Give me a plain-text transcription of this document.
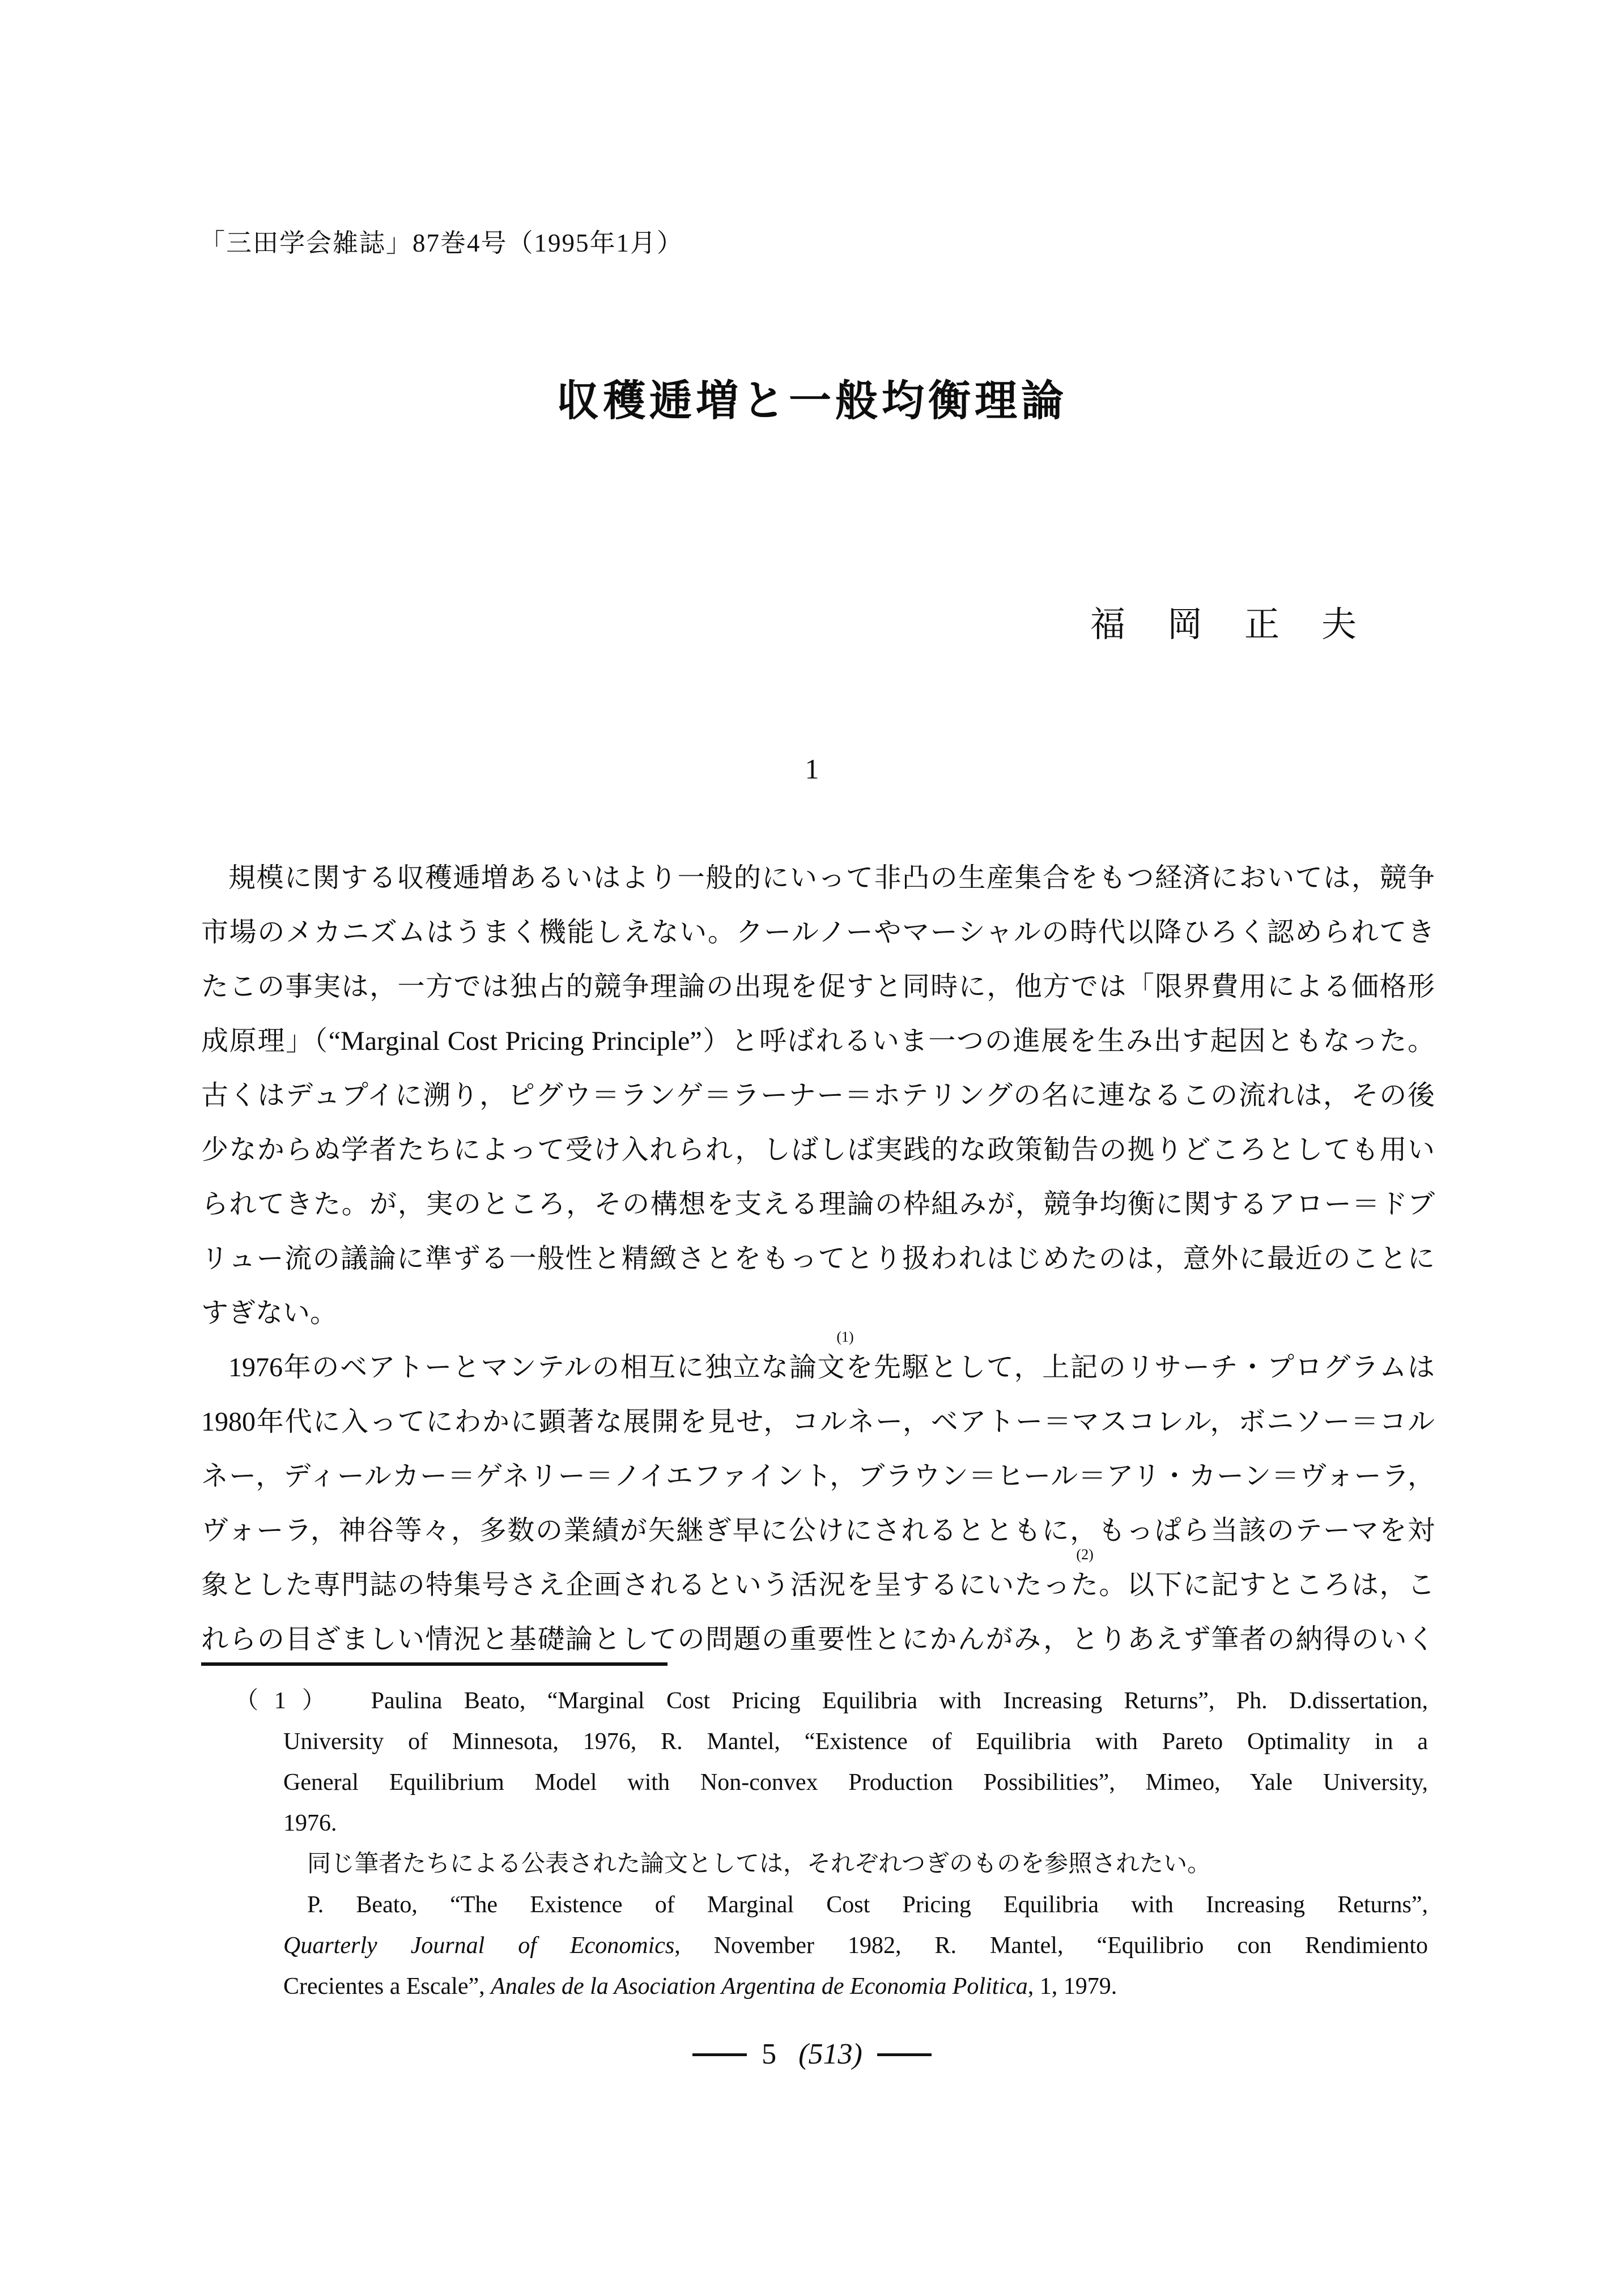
「三田学会雑誌」87巻4号（1995年1月）
収穫逓増と一般均衡理論
福　岡　正　夫
1
規模に関する収穫逓増あるいはより一般的にいって非凸の生産集合をもつ経済においては，競争
市場のメカニズムはうまく機能しえない。クールノーやマーシャルの時代以降ひろく認められてき
たこの事実は，一方では独占的競争理論の出現を促すと同時に，他方では「限界費用による価格形
成原理」（“Marginal Cost Pricing Principle”）と呼ばれるいま一つの進展を生み出す起因ともなった。
古くはデュプイに溯り，ピグウ＝ランゲ＝ラーナー＝ホテリングの名に連なるこの流れは，その後
少なからぬ学者たちによって受け入れられ，しばしば実践的な政策勧告の拠りどころとしても用い
られてきた。が，実のところ，その構想を支える理論の枠組みが，競争均衡に関するアロー＝ドブ
リュー流の議論に準ずる一般性と精緻さとをもってとり扱われはじめたのは，意外に最近のことに
すぎない。
1976年のベアトーとマンテルの相互に独立な論文
(1)
を先駆として，上記のリサーチ・プログラムは
1980年代に入ってにわかに顕著な展開を見せ，コルネー，ベアトー＝マスコレル，ボニソー＝コル
ネー，ディールカー＝ゲネリー＝ノイエファイント，ブラウン＝ヒール＝アリ・カーン＝ヴォーラ，
ヴォーラ，神谷等々，多数の業績が矢継ぎ早に公けにされるとともに，もっぱら当該のテーマを対
象とした専門誌の特集号さえ企画されるという活況を呈するにいたった
(2)
。以下に記すところは，こ
れらの目ざましい情況と基礎論としての問題の重要性とにかんがみ，とりあえず筆者の納得のいく
（1） Paulina Beato, “Marginal Cost Pricing Equilibria with Increasing Returns”, Ph. D.dissertation,
University of Minnesota, 1976, R. Mantel, “Existence of Equilibria with Pareto Optimality in a
General Equilibrium Model with Non-convex Production Possibilities”, Mimeo, Yale University,
1976.
同じ筆者たちによる公表された論文としては，それぞれつぎのものを参照されたい。
P. Beato, “The Existence of Marginal Cost Pricing Equilibria with Increasing Returns”,
Quarterly Journal of Economics, November 1982, R. Mantel, “Equilibrio con Rendimiento
Crecientes a Escale”, Anales de la Asociation Argentina de Economia Politica, 1, 1979.
5 (513)
